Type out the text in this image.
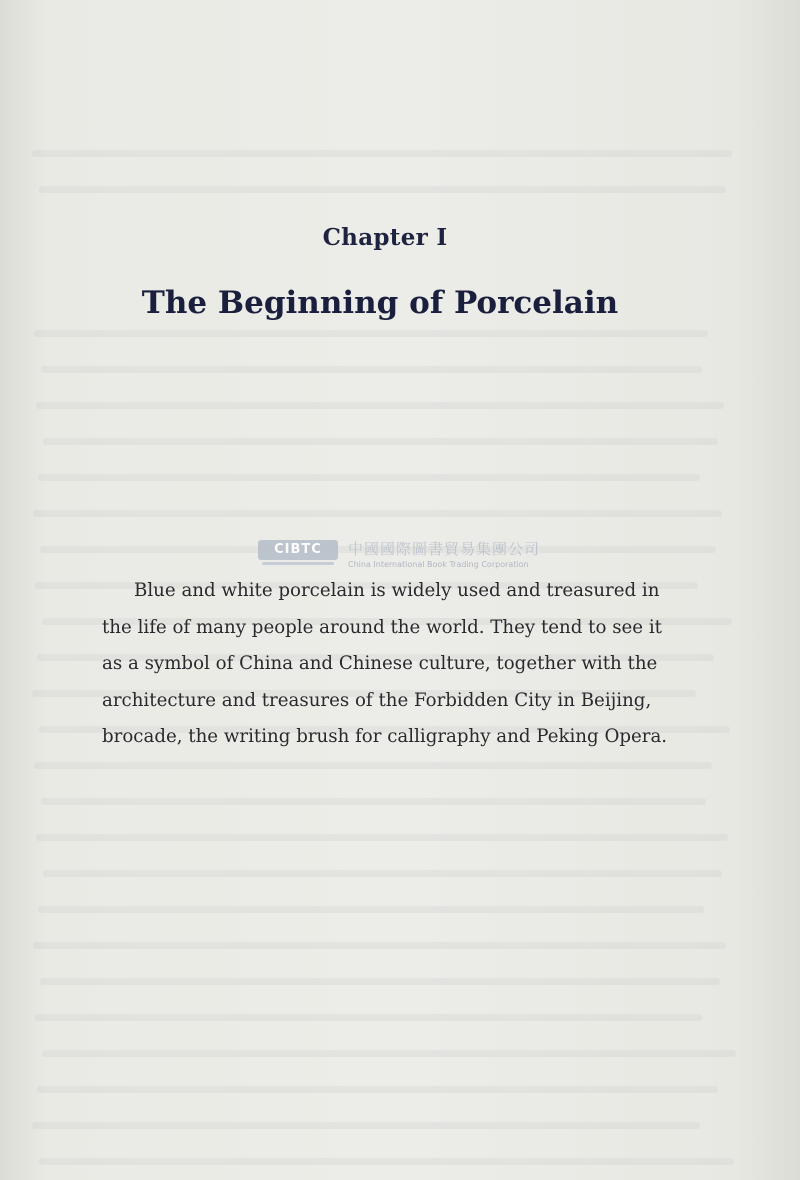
Chapter I
The Beginning of Porcelain
CIBTC	中國國際圖書貿易集團公司
China International Book Trading Corporation

Blue and white porcelain is widely used and treasured in the life of many people around the world. They tend to see it as a symbol of China and Chinese culture, together with the architecture and treasures of the Forbidden City in Beijing, brocade, the writing brush for calligraphy and Peking Opera.
